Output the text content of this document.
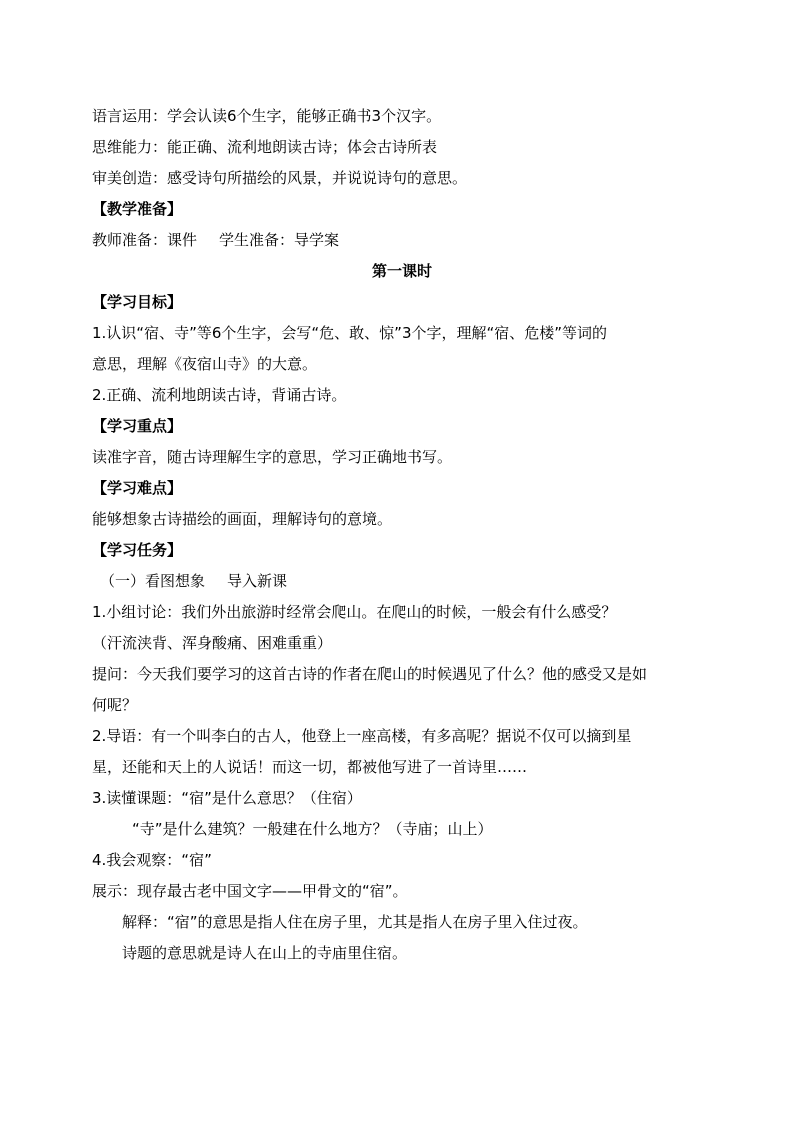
语言运用：学会认读6个生字，能够正确书3个汉字。
思维能力：能正确、流利地朗读古诗；体会古诗所表
审美创造：感受诗句所描绘的风景，并说说诗句的意思。
【教学准备】
教师准备：课件 学生准备：导学案
第一课时
【学习目标】
1.认识“宿、寺”等6个生字，会写“危、敢、惊”3个字，理解“宿、危楼”等词的
意思，理解《夜宿山寺》的大意。
2.正确、流利地朗读古诗，背诵古诗。
【学习重点】
读准字音，随古诗理解生字的意思，学习正确地书写。
【学习难点】
能够想象古诗描绘的画面，理解诗句的意境。
【学习任务】
（一）看图想象 导入新课
1.小组讨论：我们外出旅游时经常会爬山。在爬山的时候，一般会有什么感受？
（汗流浃背、浑身酸痛、困难重重）
提问：今天我们要学习的这首古诗的作者在爬山的时候遇见了什么？他的感受又是如
何呢？
2.导语：有一个叫李白的古人，他登上一座高楼，有多高呢？据说不仅可以摘到星
星，还能和天上的人说话！而这一切，都被他写进了一首诗里……
3.读懂课题：“宿”是什么意思？（住宿）
“寺”是什么建筑？一般建在什么地方？（寺庙；山上）
4.我会观察：“宿”
展示：现存最古老中国文字——甲骨文的“宿”。
解释：“宿”的意思是指人住在房子里，尤其是指人在房子里入住过夜。
诗题的意思就是诗人在山上的寺庙里住宿。
